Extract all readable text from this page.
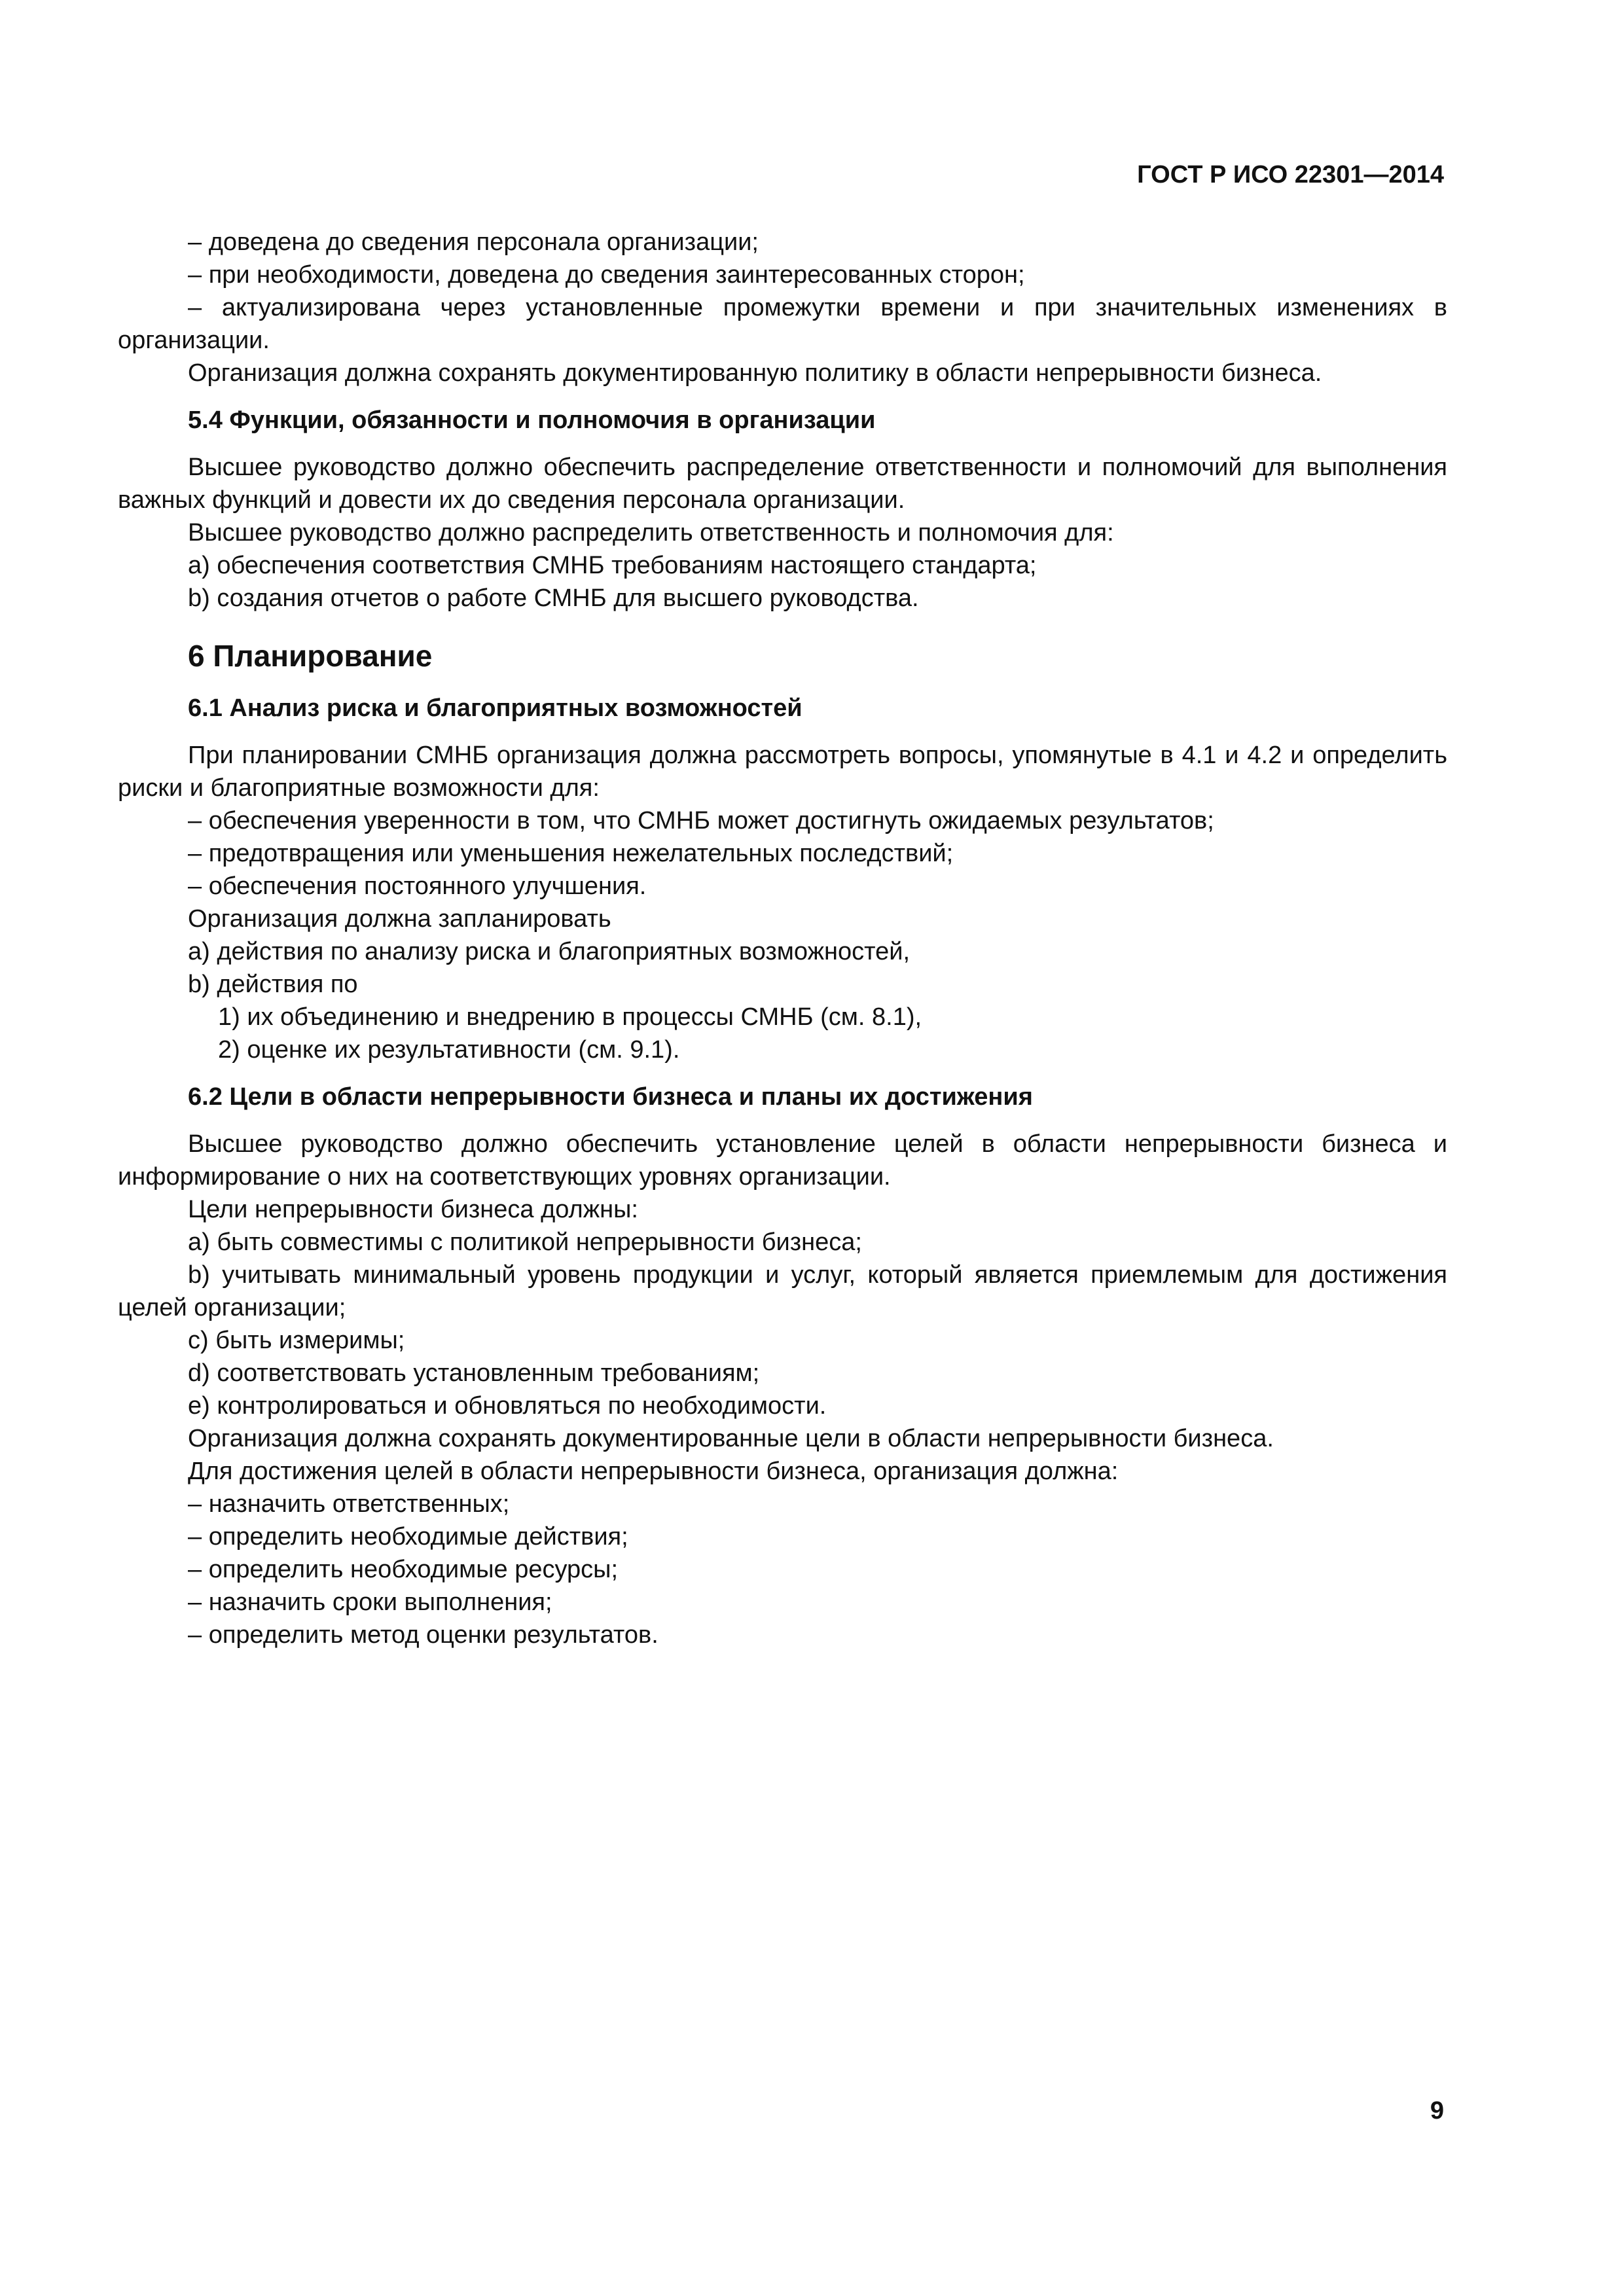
ГОСТ Р ИСО 22301—2014

– доведена до сведения персонала организации;

– при необходимости, доведена до сведения заинтересованных сторон;

– актуализирована через установленные промежутки времени и при значительных изменениях в организации.

Организация должна сохранять документированную политику в области непрерывности бизнеса.

5.4 Функции, обязанности и полномочия в организации

Высшее руководство должно обеспечить распределение ответственности и полномочий для выполнения важных функций и довести их до сведения персонала организации.

Высшее руководство должно распределить ответственность и полномочия для:

a) обеспечения соответствия СМНБ требованиям настоящего стандарта;

b) создания отчетов о работе СМНБ для высшего руководства.

6 Планирование
6.1 Анализ риска и благоприятных возможностей

При планировании СМНБ организация должна рассмотреть вопросы, упомянутые в 4.1 и 4.2 и определить риски и благоприятные возможности для:

– обеспечения уверенности в том, что СМНБ может достигнуть ожидаемых результатов;

– предотвращения или уменьшения нежелательных последствий;

– обеспечения постоянного улучшения.

Организация должна запланировать

a) действия по анализу риска и благоприятных возможностей,

b) действия по

1) их объединению и внедрению в процессы СМНБ (см. 8.1),

2) оценке их результативности (см. 9.1).

6.2 Цели в области непрерывности бизнеса и планы их достижения

Высшее руководство должно обеспечить установление целей в области непрерывности бизнеса и информирование о них на соответствующих уровнях организации.

Цели непрерывности бизнеса должны:

a) быть совместимы с политикой непрерывности бизнеса;

b) учитывать минимальный уровень продукции и услуг, который является приемлемым для достижения целей организации;

c) быть измеримы;

d) соответствовать установленным требованиям;

e) контролироваться и обновляться по необходимости.

Организация должна сохранять документированные цели в области непрерывности бизнеса.

Для достижения целей в области непрерывности бизнеса, организация должна:

– назначить ответственных;

– определить необходимые действия;

– определить необходимые ресурсы;

– назначить сроки выполнения;

– определить метод оценки результатов.

9
